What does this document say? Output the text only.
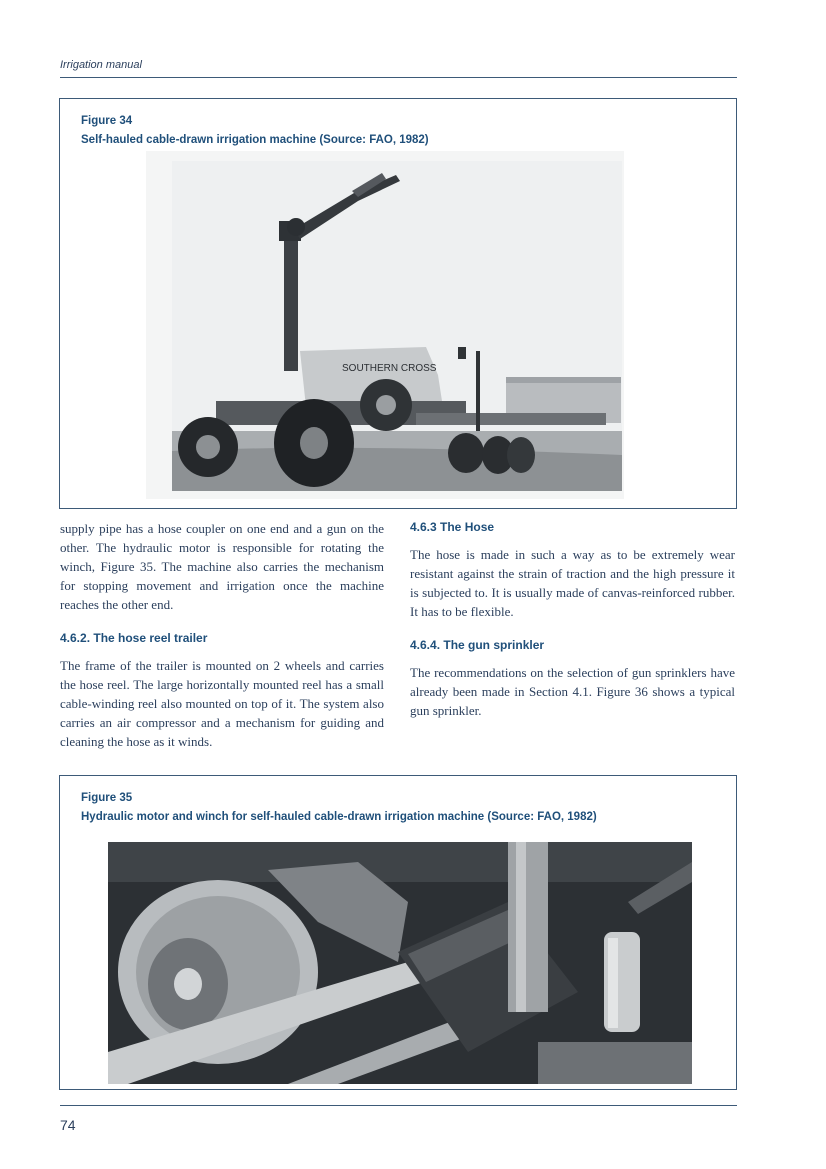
Irrigation manual
Figure 34
Self-hauled cable-drawn irrigation machine (Source: FAO, 1982)
SOUTHERN CROSS

supply pipe has a hose coupler on one end and a gun on the other. The hydraulic motor is responsible for rotating the winch, Figure 35. The machine also carries the mechanism for stopping movement and irrigation once the machine reaches the other end.

4.6.2. The hose reel trailer

The frame of the trailer is mounted on 2 wheels and carries the hose reel. The large horizontally mounted reel has a small cable-winding reel also mounted on top of it. The system also carries an air compressor and a mechanism for guiding and cleaning the hose as it winds.

4.6.3 The Hose

The hose is made in such a way as to be extremely wear resistant against the strain of traction and the high pressure it is subjected to. It is usually made of canvas-reinforced rubber. It has to be flexible.

4.6.4. The gun sprinkler

The recommendations on the selection of gun sprinklers have already been made in Section 4.1. Figure 36 shows a typical gun sprinkler.

Figure 35
Hydraulic motor and winch for self-hauled cable-drawn irrigation machine (Source: FAO, 1982)
74
